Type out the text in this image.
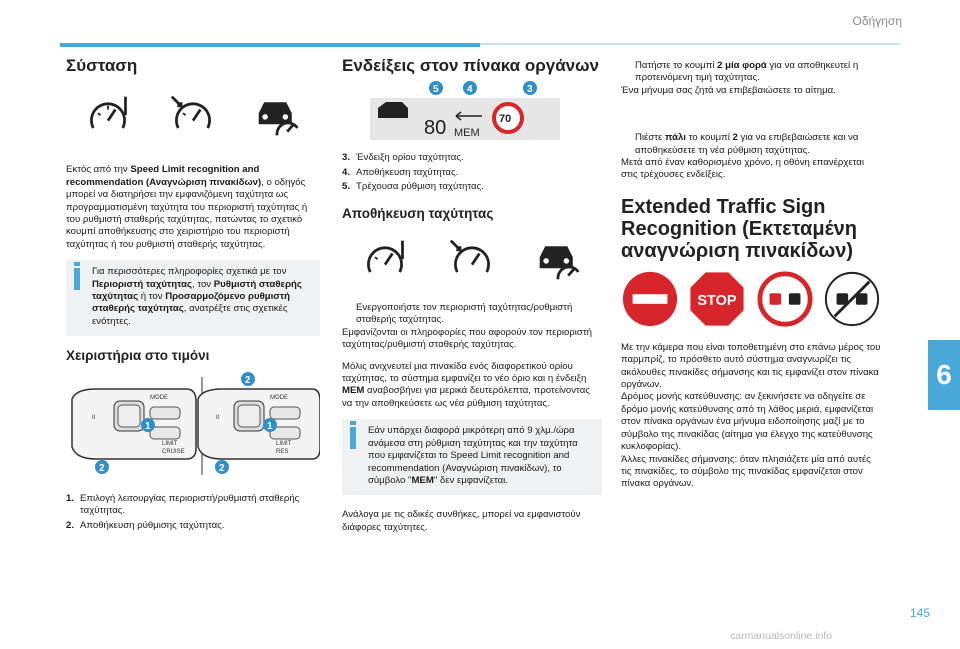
Οδήγηση
Σύσταση

Εκτός από την Speed Limit recognition and recommendation (Αναγνώριση πινακίδων), ο οδηγός μπορεί να διατηρήσει την εμφανιζόμενη ταχύτητα ως προγραμματισμένη ταχύτητα του περιοριστή ταχύτητας ή του ρυθμιστή σταθερής ταχύτητας, πατώντας το σχετικό κουμπί αποθήκευσης στο χειριστήριο του περιοριστή ταχύτητας ή του ρυθμιστή σταθερής ταχύτητας.

Για περισσότερες πληροφορίες σχετικά με τον Περιοριστή ταχύτητας, τον Ρυθμιστή σταθερής ταχύτητας ή τον Προσαρμοζόμενο ρυθμιστή σταθερής ταχύτητας, ανατρέξτε στις σχετικές ενότητες.
Χειριστήρια στο τιμόνι
MODE
LIMIT
CRUISE
II
MODE
LIMIT
RES
II
1
2
2
1
2
1. Επιλογή λειτουργίας περιοριστή/ρυθμιστή σταθερής ταχύτητας.
2. Αποθήκευση ρύθμισης ταχύτητας.
Ενδείξεις στον πίνακα οργάνων
80 MEM
70
5	4	3
3. Ένδειξη ορίου ταχύτητας.
4. Αποθήκευση ταχύτητας.
5. Τρέχουσα ρύθμιση ταχύτητας.
Αποθήκευση ταχύτητας
Ενεργοποιήστε τον περιοριστή ταχύτητας/ρυθμιστή σταθερής ταχύτητας.

Εμφανίζονται οι πληροφορίες που αφορούν τον περιοριστή ταχύτητας/ρυθμιστή σταθερής ταχύτητας.

Μόλις ανιχνευτεί μια πινακίδα ενός διαφορετικού ορίου ταχύτητας, το σύστημα εμφανίζει το νέο όριο και η ένδειξη MEM αναβοσβήνει για μερικά δευτερόλεπτα, προτείνοντας να την αποθηκεύσετε ως νέα ρύθμιση ταχύτητας.

Εάν υπάρχει διαφορά μικρότερη από 9 χλμ./ώρα ανάμεσα στη ρύθμιση ταχύτητας και την ταχύτητα που εμφανίζεται το Speed Limit recognition and recommendation (Αναγνώριση πινακίδων), το σύμβολο "MEM" δεν εμφανίζεται.

Ανάλογα με τις οδικές συνθήκες, μπορεί να εμφανιστούν διάφορες ταχύτητες.

Πατήστε το κουμπί 2 μία φορά για να αποθηκευτεί η προτεινόμενη τιμή ταχύτητας.

Ένα μήνυμα σας ζητά να επιβεβαιώσετε το αίτημα.

Πιέστε πάλι το κουμπί 2 για να επιβεβαιώσετε και να αποθηκεύσετε τη νέα ρύθμιση ταχύτητας.

Μετά από έναν καθορισμένο χρόνο, η οθόνη επανέρχεται στις τρέχουσες ενδείξεις.

Extended Traffic Sign Recognition (Εκτεταμένη αναγνώριση πινακίδων)
STOP

Με την κάμερα που είναι τοποθετημένη στο επάνω μέρος του παρμπρίζ, το πρόσθετο αυτό σύστημα αναγνωρίζει τις ακόλουθες πινακίδες σήμανσης και τις εμφανίζει στον πίνακα οργάνων.

Δρόμος μονής κατεύθυνσης: αν ξεκινήσετε να οδηγείτε σε δρόμο μονής κατεύθυνσης από τη λάθος μεριά, εμφανίζεται στον πίνακα οργάνων ένα μήνυμα ειδοποίησης μαζί με το σύμβολο της πινακίδας (αίτημα για έλεγχο της κατεύθυνσης κυκλοφορίας).

Άλλες πινακίδες σήμανσης: όταν πλησιάζετε μία από αυτές τις πινακίδες, το σύμβολο της πινακίδας εμφανίζεται στον πίνακα οργάνων.

6
145
carmanualsonline.info
